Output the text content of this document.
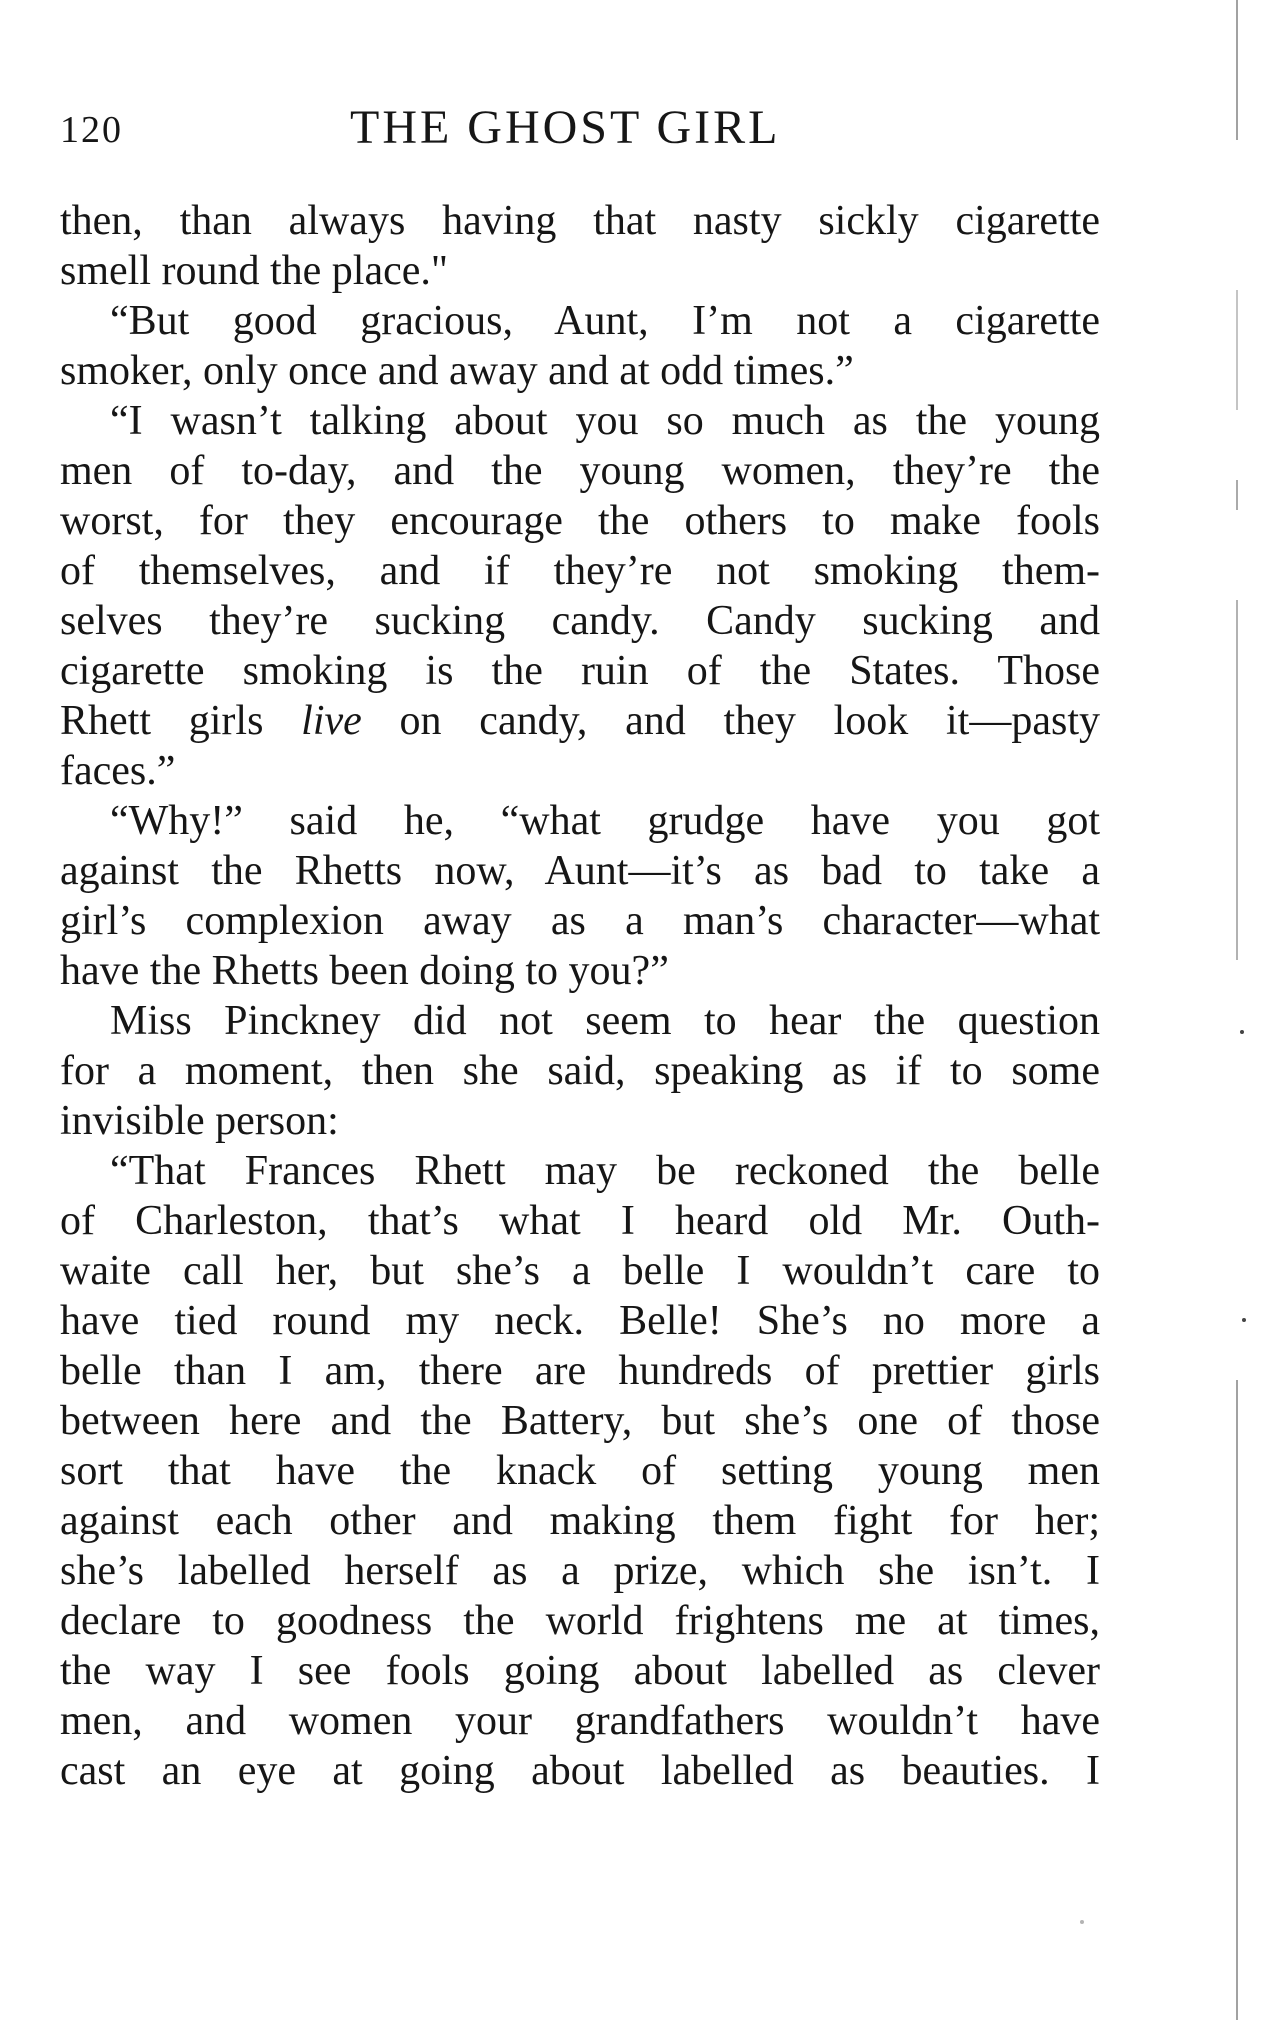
120	THE GHOST GIRL
then, than always having that nasty sickly cigarette
smell round the place."
“But good gracious, Aunt, I’m not a cigarette
smoker, only once and away and at odd times.”
“I wasn’t talking about you so much as the young
men of to-day, and the young women, they’re the
worst, for they encourage the others to make fools
of themselves, and if they’re not smoking them-
selves they’re sucking candy. Candy sucking and
cigarette smoking is the ruin of the States. Those
Rhett girls live on candy, and they look it—pasty
faces.”
“Why!” said he, “what grudge have you got
against the Rhetts now, Aunt—it’s as bad to take a
girl’s complexion away as a man’s character—what
have the Rhetts been doing to you?”
Miss Pinckney did not seem to hear the question
for a moment, then she said, speaking as if to some
invisible person:
“That Frances Rhett may be reckoned the belle
of Charleston, that’s what I heard old Mr. Outh-
waite call her, but she’s a belle I wouldn’t care to
have tied round my neck. Belle! She’s no more a
belle than I am, there are hundreds of prettier girls
between here and the Battery, but she’s one of those
sort that have the knack of setting young men
against each other and making them fight for her;
she’s labelled herself as a prize, which she isn’t. I
declare to goodness the world frightens me at times,
the way I see fools going about labelled as clever
men, and women your grandfathers wouldn’t have
cast an eye at going about labelled as beauties. I
